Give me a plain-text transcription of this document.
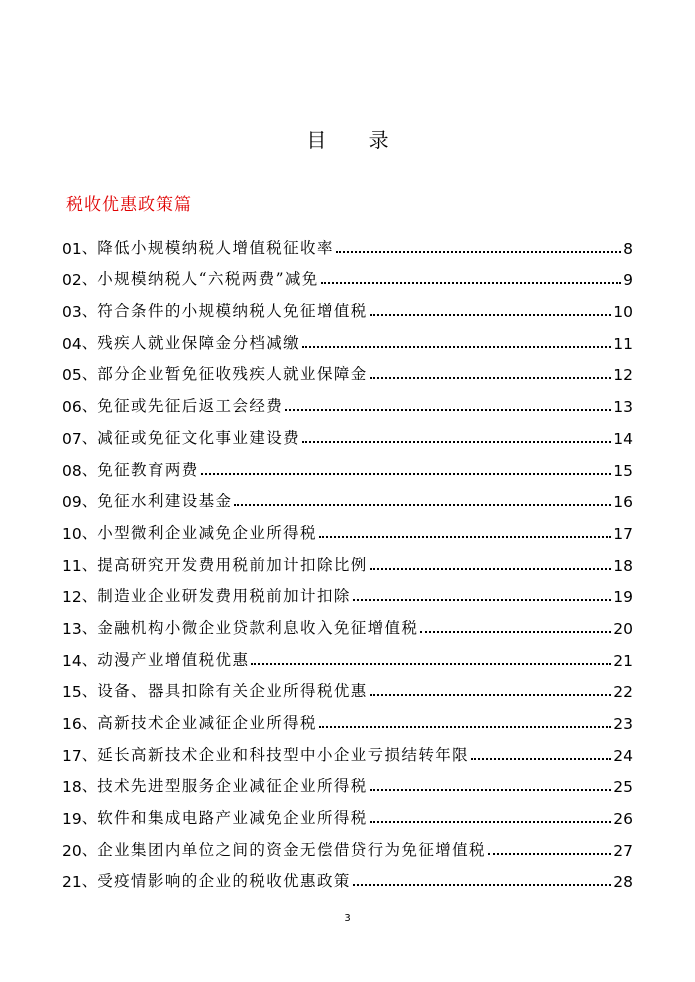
目 录
税收优惠政策篇
01 、 降低小规模纳税人增值税征收率	8
02 、 小规模纳税人“六税两费”减免	9
03 、 符合条件的小规模纳税人免征增值税	10
04 、 残疾人就业保障金分档减缴	11
05 、 部分企业暂免征收残疾人就业保障金	12
06 、 免征或先征后返工会经费	13
07 、 减征或免征文化事业建设费	14
08 、 免征教育两费	15
09 、 免征水利建设基金	16
10 、 小型微利企业减免企业所得税	17
11 、 提高研究开发费用税前加计扣除比例	18
12 、 制造业企业研发费用税前加计扣除	19
13 、 金融机构小微企业贷款利息收入免征增值税	20
14 、 动漫产业增值税优惠	21
15 、 设备、器具扣除有关企业所得税优惠	22
16 、 高新技术企业减征企业所得税	23
17 、 延长高新技术企业和科技型中小企业亏损结转年限	24
18 、 技术先进型服务企业减征企业所得税	25
19 、 软件和集成电路产业减免企业所得税	26
20 、 企业集团内单位之间的资金无偿借贷行为免征增值税	27
21 、 受疫情影响的企业的税收优惠政策	28
3
